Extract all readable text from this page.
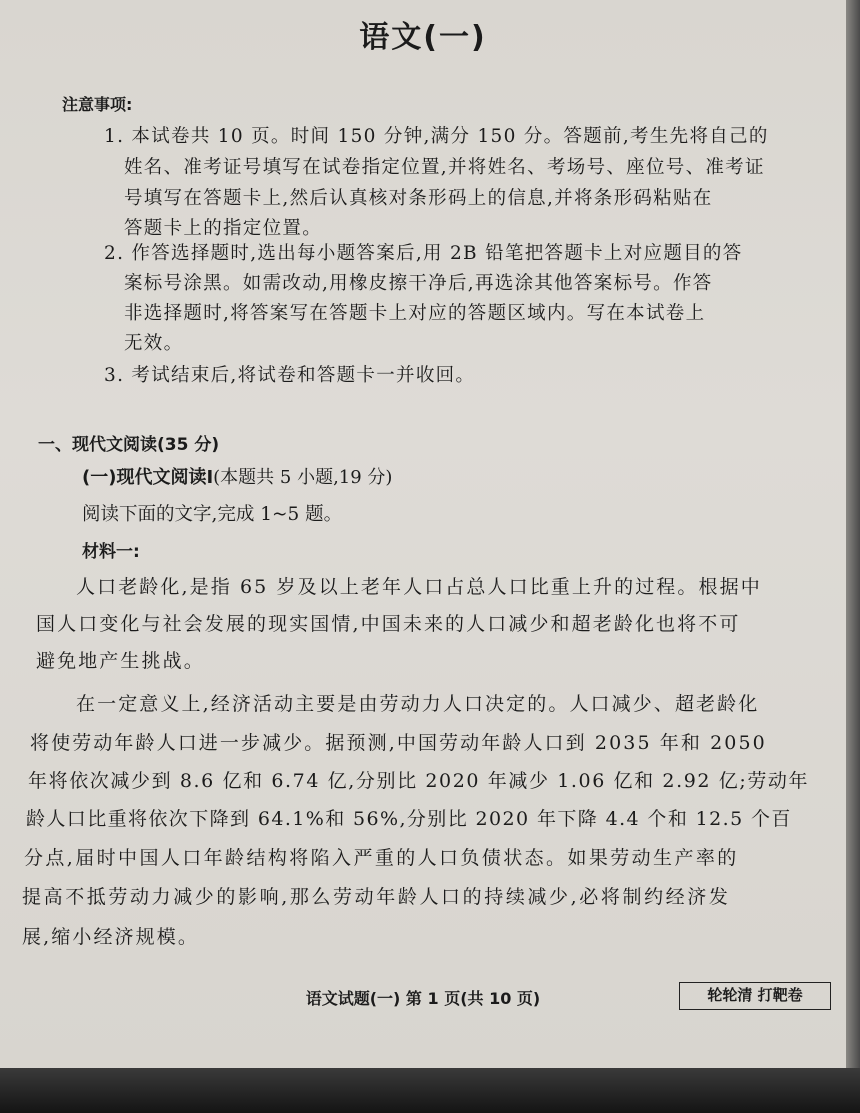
语文(一)
注意事项:
1. 本试卷共 10 页。时间 150 分钟,满分 150 分。答题前,考生先将自己的
姓名、准考证号填写在试卷指定位置,并将姓名、考场号、座位号、准考证
号填写在答题卡上,然后认真核对条形码上的信息,并将条形码粘贴在
答题卡上的指定位置。
2. 作答选择题时,选出每小题答案后,用 2B 铅笔把答题卡上对应题目的答
案标号涂黑。如需改动,用橡皮擦干净后,再选涂其他答案标号。作答
非选择题时,将答案写在答题卡上对应的答题区域内。写在本试卷上
无效。
3. 考试结束后,将试卷和答题卡一并收回。
一、现代文阅读(35 分)
(一)现代文阅读Ⅰ(本题共 5 小题,19 分)
阅读下面的文字,完成 1~5 题。
材料一:
人口老龄化,是指 65 岁及以上老年人口占总人口比重上升的过程。根据中
国人口变化与社会发展的现实国情,中国未来的人口减少和超老龄化也将不可
避免地产生挑战。
在一定意义上,经济活动主要是由劳动力人口决定的。人口减少、超老龄化
将使劳动年龄人口进一步减少。据预测,中国劳动年龄人口到 2035 年和 2050
年将依次减少到 8.6 亿和 6.74 亿,分别比 2020 年减少 1.06 亿和 2.92 亿;劳动年
龄人口比重将依次下降到 64.1%和 56%,分别比 2020 年下降 4.4 个和 12.5 个百
分点,届时中国人口年龄结构将陷入严重的人口负债状态。如果劳动生产率的
提高不抵劳动力减少的影响,那么劳动年龄人口的持续减少,必将制约经济发
展,缩小经济规模。
语文试题(一) 第 1 页(共 10 页)	轮轮清 打靶卷
